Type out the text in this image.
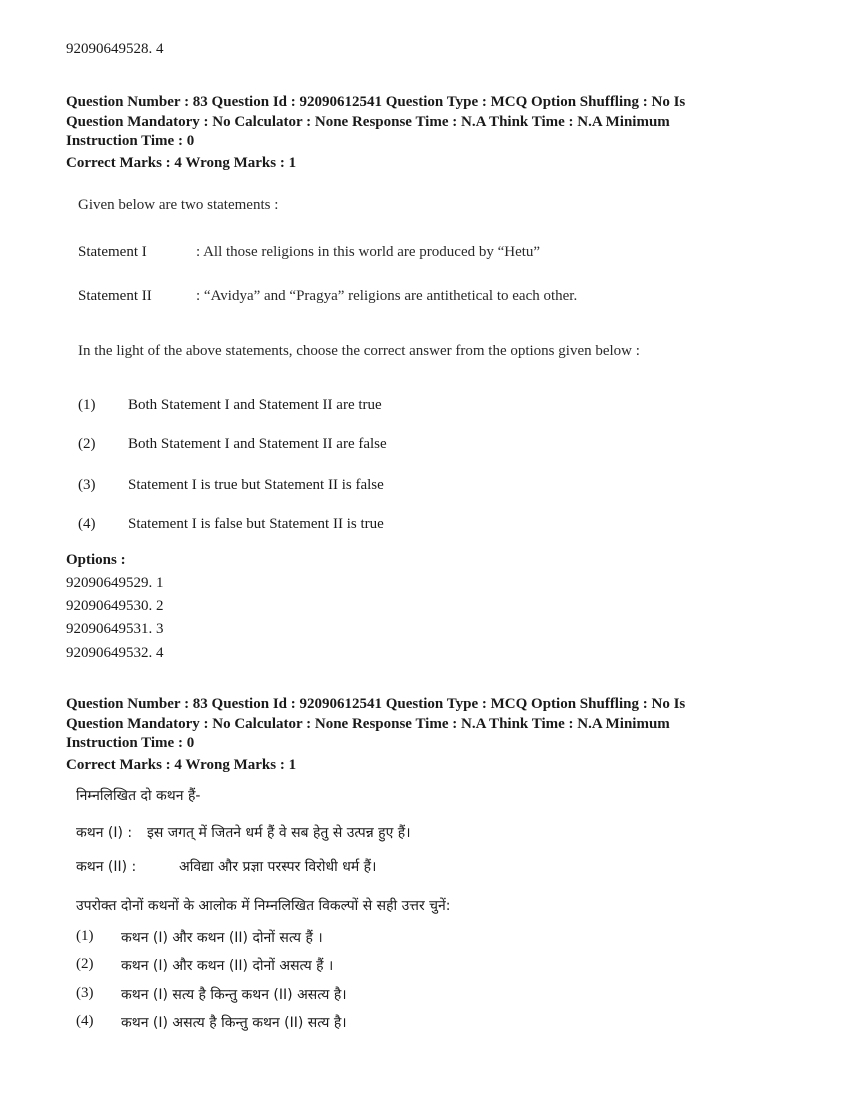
92090649528. 4
Question Number : 83 Question Id : 92090612541 Question Type : MCQ Option Shuffling : No Is
Question Mandatory : No Calculator : None Response Time : N.A Think Time : N.A Minimum
Instruction Time : 0
Correct Marks : 4 Wrong Marks : 1
Given below are two statements :
Statement I	: All those religions in this world are produced by “Hetu”
Statement II	: “Avidya” and “Pragya” religions are antithetical to each other.
In the light of the above statements, choose the correct answer from the options given below :
(1) Both Statement I and Statement II are true
(2) Both Statement I and Statement II are false
(3) Statement I is true but Statement II is false
(4) Statement I is false but Statement II is true
Options :
92090649529. 1
92090649530. 2
92090649531. 3
92090649532. 4
Question Number : 83 Question Id : 92090612541 Question Type : MCQ Option Shuffling : No Is
Question Mandatory : No Calculator : None Response Time : N.A Think Time : N.A Minimum
Instruction Time : 0
Correct Marks : 4 Wrong Marks : 1
निम्नलिखित दो कथन हैं-
कथन (I) : इस जगत् में जितने धर्म हैं वे सब हेतु से उत्पन्न हुए हैं।
कथन (II) :	अविद्या और प्रज्ञा परस्पर विरोधी धर्म हैं।
उपरोक्त दोनों कथनों के आलोक में निम्नलिखित विकल्पों से सही उत्तर चुनें:
(1) कथन (I) और कथन (II) दोनों सत्य हैं ।
(2) कथन (I) और कथन (II) दोनों असत्य हैं ।
(3) कथन (I) सत्य है किन्तु कथन (II) असत्य है।
(4) कथन (I) असत्य है किन्तु कथन (II) सत्य है।
